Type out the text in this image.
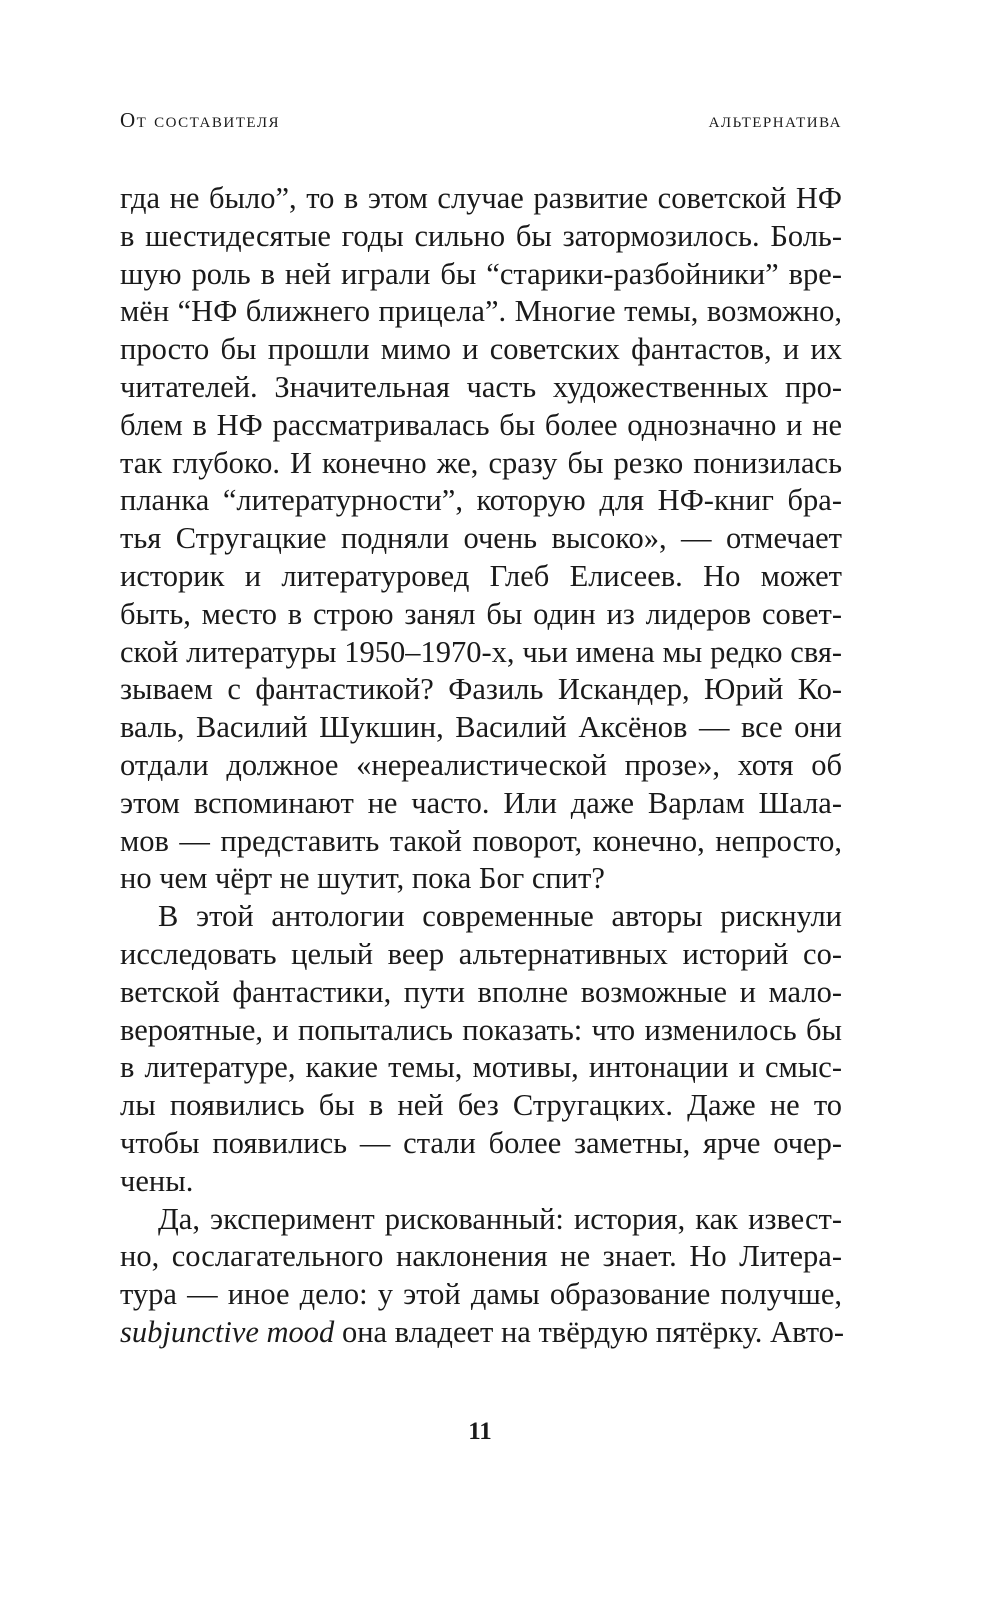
От составителя	альтернатива
гда не было”, то в этом случае развитие советской НФ
в шестидесятые годы сильно бы затормозилось. Боль-
шую роль в ней играли бы “старики-разбойники” вре-
мён “НФ ближнего прицела”. Многие темы, возможно,
просто бы прошли мимо и советских фантастов, и их
читателей. Значительная часть художественных про-
блем в НФ рассматривалась бы более однозначно и не
так глубоко. И конечно же, сразу бы резко понизилась
планка “литературности”, которую для НФ-книг бра-
тья Стругацкие подняли очень высоко», — отмечает
историк и литературовед Глеб Елисеев. Но может
быть, место в строю занял бы один из лидеров совет-
ской литературы 1950–1970-х, чьи имена мы редко свя-
зываем с фантастикой? Фазиль Искандер, Юрий Ко-
валь, Василий Шукшин, Василий Аксёнов — все они
отдали должное «нереалистической прозе», хотя об
этом вспоминают не часто. Или даже Варлам Шала-
мов — представить такой поворот, конечно, непросто,
но чем чёрт не шутит, пока Бог спит?
В этой антологии современные авторы рискнули
исследовать целый веер альтернативных историй со-
ветской фантастики, пути вполне возможные и мало-
вероятные, и попытались показать: что изменилось бы
в литературе, какие темы, мотивы, интонации и смыс-
лы появились бы в ней без Стругацких. Даже не то
чтобы появились — стали более заметны, ярче очер-
чены.
Да, эксперимент рискованный: история, как извест-
но, сослагательного наклонения не знает. Но Литера-
тура — иное дело: у этой дамы образование получше,
subjunctive mood она владеет на твёрдую пятёрку. Авто-
11
